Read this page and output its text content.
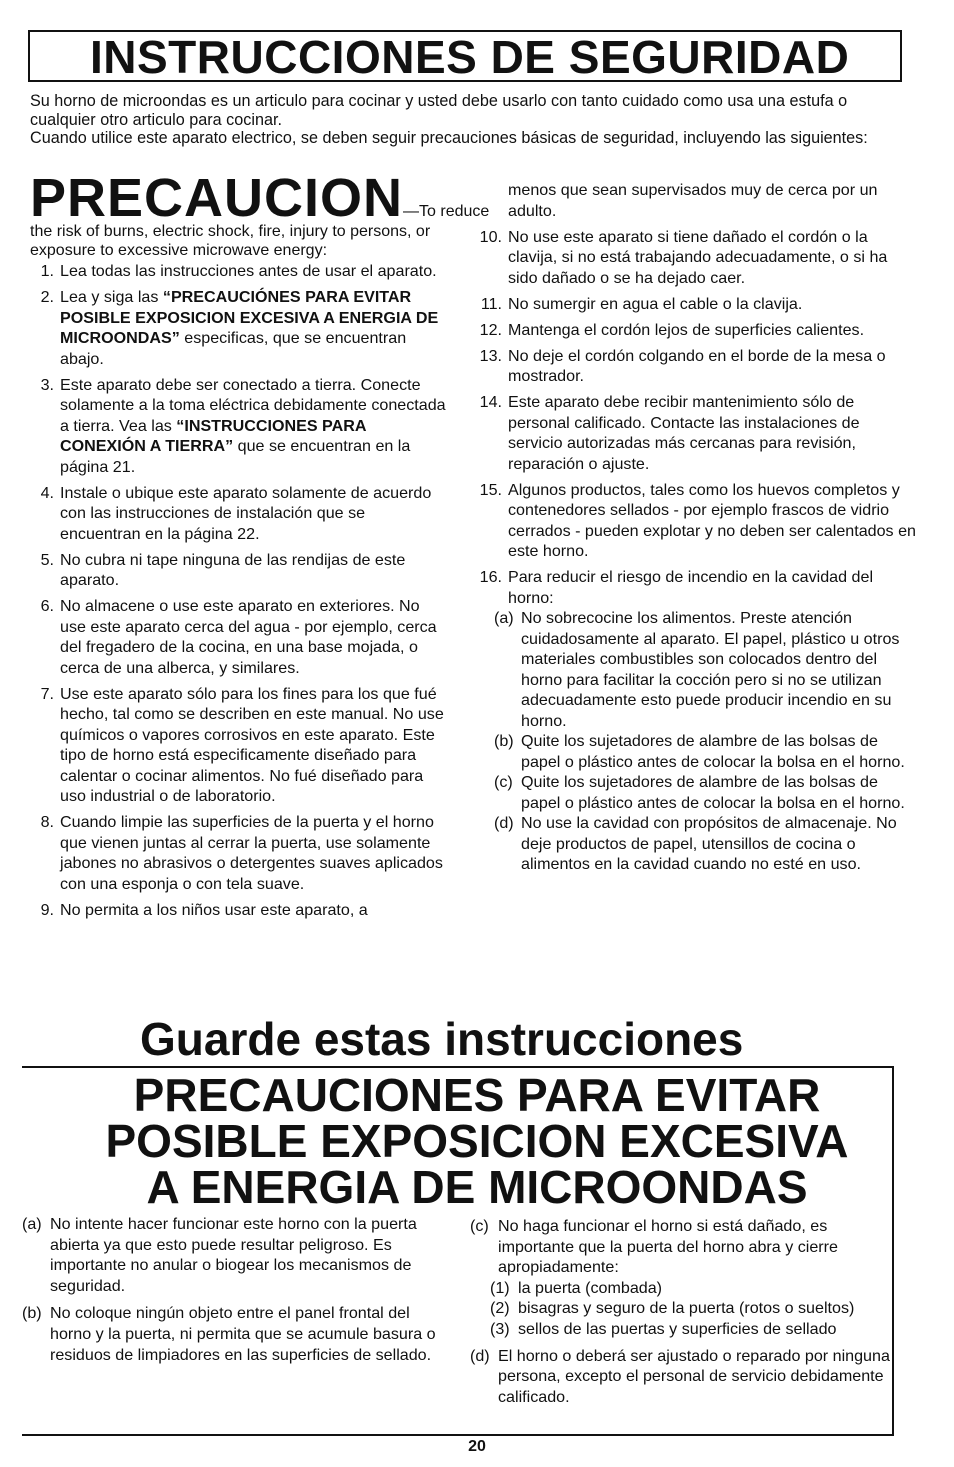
INSTRUCCIONES DE SEGURIDAD

Su horno de microondas es un articulo para cocinar y usted debe usarlo con tanto cuidado como usa una estufa o cualquier otro articulo para cocinar.

Cuando utilice este aparato electrico, se deben seguir precauciones básicas de seguridad, incluyendo las siguientes:

PRECAUCION—To reduce

the risk of burns, electric shock, fire, injury to persons, or exposure to excessive microwave energy:

1. Lea todas las instrucciones antes de usar el aparato.
2. Lea y siga las “PRECAUCIÓNES PARA EVITAR POSIBLE EXPOSICION EXCESIVA A ENERGIA DE MICROONDAS” especificas, que se encuentran abajo.
3. Este aparato debe ser conectado a tierra. Conecte solamente a la toma eléctrica debidamente conectada a tierra. Vea las “INSTRUCCIONES PARA CONEXIÓN A TIERRA” que se encuentran en la página 21.
4. Instale o ubique este aparato solamente de acuerdo con las instrucciones de instalación que se encuentran en la página 22.
5. No cubra ni tape ninguna de las rendijas de este aparato.
6. No almacene o use este aparato en exteriores. No use este aparato cerca del agua - por ejemplo, cerca del fregadero de la cocina, en una base mojada, o cerca de una alberca, y similares.
7. Use este aparato sólo para los fines para los que fué hecho, tal como se describen en este manual. No use químicos o vapores corrosivos en este aparato. Este tipo de horno está especificamente diseñado para calentar o cocinar alimentos. No fué diseñado para uso industrial o de laboratorio.
8. Cuando limpie las superficies de la puerta y el horno que vienen juntas al cerrar la puerta, use solamente jabones no abrasivos o detergentes suaves aplicados con una esponja o con tela suave.
9. No permita a los niños usar este aparato, a
menos que sean supervisados muy de cerca por un adulto.
10. No use este aparato si tiene dañado el cordón o la clavija, si no está trabajando adecuadamente, o si ha sido dañado o se ha dejado caer.
11. No sumergir en agua el cable o la clavija.
12. Mantenga el cordón lejos de superficies calientes.
13. No deje el cordón colgando en el borde de la mesa o mostrador.
14. Este aparato debe recibir mantenimiento sólo de personal calificado. Contacte las instalaciones de servicio autorizadas más cercanas para revisión, reparación o ajuste.
15. Algunos productos, tales como los huevos completos y contenedores sellados - por ejemplo frascos de vidrio cerrados - pueden explotar y no deben ser calentados en este horno.
16. Para reducir el riesgo de incendio en la cavidad del horno:
(a) No sobrecocine los alimentos. Preste atención cuidadosamente al aparato. El papel, plástico u otros materiales combustibles son colocados dentro del horno para facilitar la cocción pero si no se utilizan adecuadamente esto puede producir incendio en su horno.
(b) Quite los sujetadores de alambre de las bolsas de papel o plástico antes de colocar la bolsa en el horno.
(c) Quite los sujetadores de alambre de las bolsas de papel o plástico antes de colocar la bolsa en el horno.
(d) No use la cavidad con propósitos de almacenaje. No deje productos de papel, utensillos de cocina o alimentos en la cavidad cuando no esté en uso.
Guarde estas instrucciones
PRECAUCIONES PARA EVITAR
POSIBLE EXPOSICION EXCESIVA
A ENERGIA DE MICROONDAS
(a) No intente hacer funcionar este horno con la puerta abierta ya que esto puede resultar peligroso. Es importante no anular o biogear los mecanismos de seguridad.
(b) No coloque ningún objeto entre el panel frontal del horno y la puerta, ni permita que se acumule basura o residuos de limpiadores en las superficies de sellado.
(c) No haga funcionar el horno si está dañado, es importante que la puerta del horno abra y cierre apropiadamente:
(1) la puerta (combada)
(2) bisagras y seguro de la puerta (rotos o sueltos)
(3) sellos de las puertas y superficies de sellado
(d) El horno o deberá ser ajustado o reparado por ninguna persona, excepto el personal de servicio debidamente calificado.
20
